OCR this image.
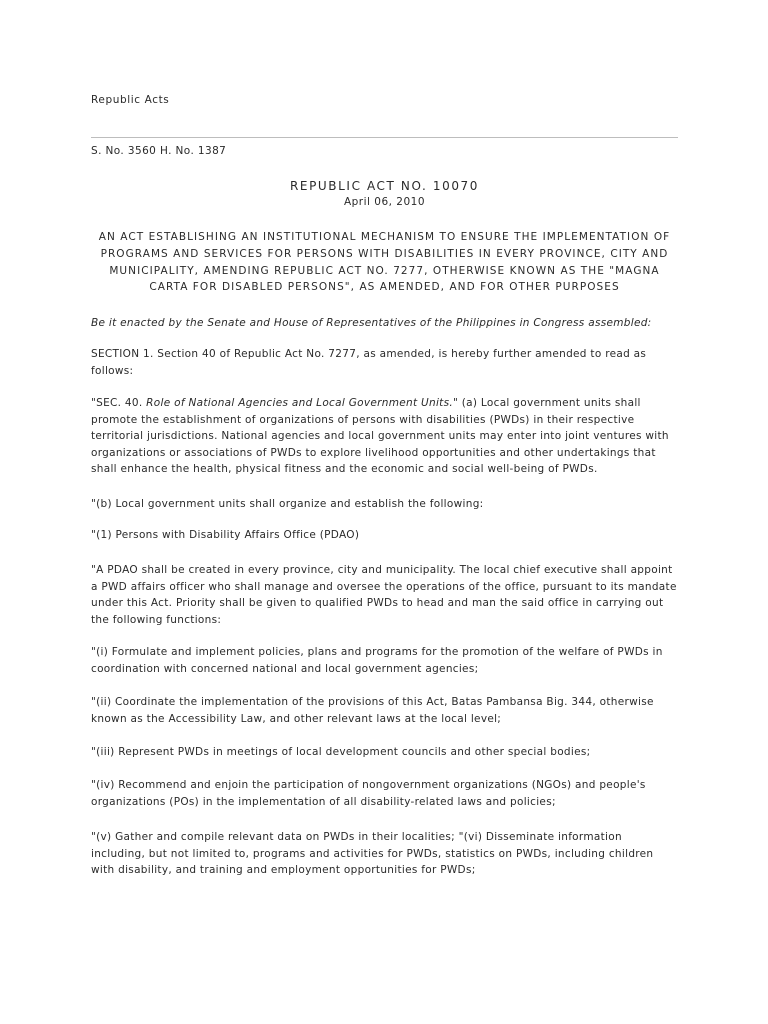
Republic Acts
S. No. 3560 H. No. 1387
REPUBLIC ACT NO. 10070
April 06, 2010
AN ACT ESTABLISHING AN INSTITUTIONAL MECHANISM TO ENSURE THE IMPLEMENTATION OF PROGRAMS AND SERVICES FOR PERSONS WITH DISABILITIES IN EVERY PROVINCE, CITY AND MUNICIPALITY, AMENDING REPUBLIC ACT NO. 7277, OTHERWISE KNOWN AS THE "MAGNA CARTA FOR DISABLED PERSONS", AS AMENDED, AND FOR OTHER PURPOSES

Be it enacted by the Senate and House of Representatives of the Philippines in Congress assembled:

SECTION 1. Section 40 of Republic Act No. 7277, as amended, is hereby further amended to read as follows:

"SEC. 40. Role of National Agencies and Local Government Units." (a) Local government units shall promote the establishment of organizations of persons with disabilities (PWDs) in their respective territorial jurisdictions. National agencies and local government units may enter into joint ventures with organizations or associations of PWDs to explore livelihood opportunities and other undertakings that shall enhance the health, physical fitness and the economic and social well-being of PWDs.

"(b) Local government units shall organize and establish the following:

"(1) Persons with Disability Affairs Office (PDAO)

"A PDAO shall be created in every province, city and municipality. The local chief executive shall appoint a PWD affairs officer who shall manage and oversee the operations of the office, pursuant to its mandate under this Act. Priority shall be given to qualified PWDs to head and man the said office in carrying out the following functions:

"(i) Formulate and implement policies, plans and programs for the promotion of the welfare of PWDs in coordination with concerned national and local government agencies;

"(ii) Coordinate the implementation of the provisions of this Act, Batas Pambansa Big. 344, otherwise known as the Accessibility Law, and other relevant laws at the local level;

"(iii) Represent PWDs in meetings of local development councils and other special bodies;

"(iv) Recommend and enjoin the participation of nongovernment organizations (NGOs) and people's organizations (POs) in the implementation of all disability-related laws and policies;

"(v) Gather and compile relevant data on PWDs in their localities; "(vi) Disseminate information including, but not limited to, programs and activities for PWDs, statistics on PWDs, including children with disability, and training and employment opportunities for PWDs;
